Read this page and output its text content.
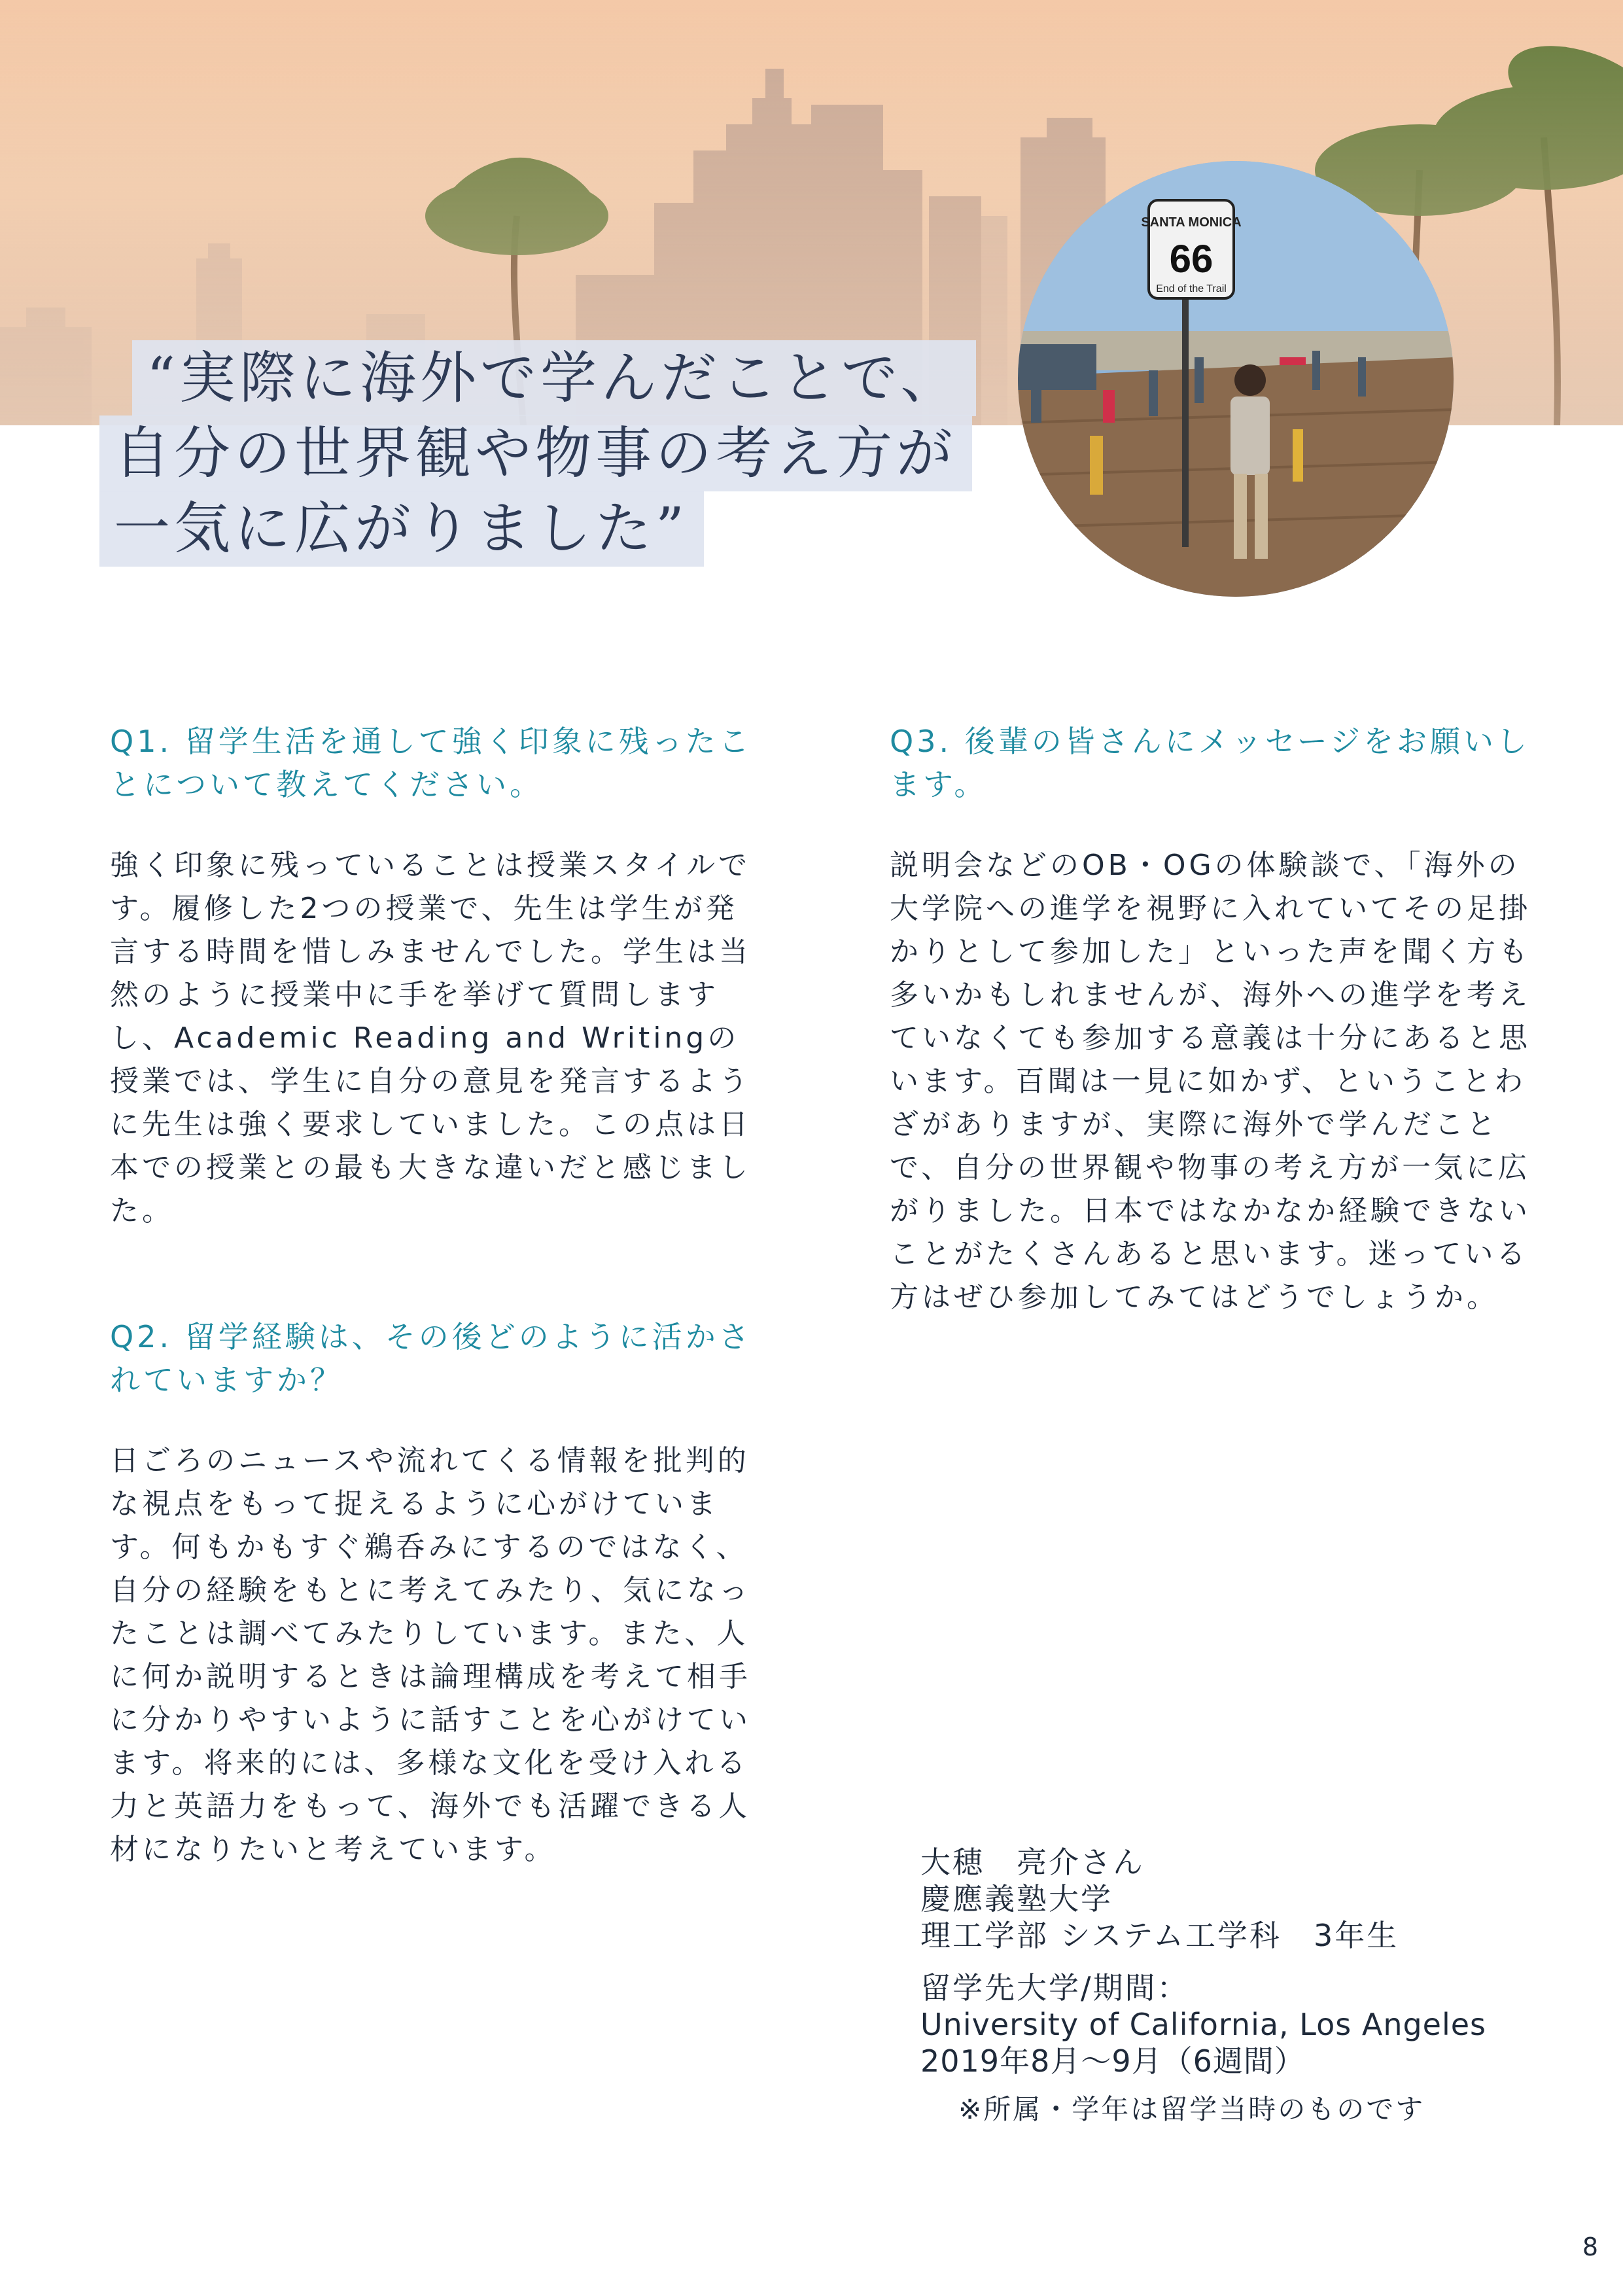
SANTA MONICA
66
End of the Trail
“実際に海外で学んだことで、
自分の世界観や物事の考え方が
一気に広がりました”
Q1. 留学生活を通して強く印象に残ったことについて教えてください。

強く印象に残っていることは授業スタイルです。履修した2つの授業で、先生は学生が発言する時間を惜しみませんでした。学生は当然のように授業中に手を挙げて質問しますし、Academic Reading and Writingの授業では、学生に自分の意見を発言するように先生は強く要求していました。この点は日本での授業との最も大きな違いだと感じました。

Q2. 留学経験は、その後どのように活かされていますか？

日ごろのニュースや流れてくる情報を批判的な視点をもって捉えるように心がけています。何もかもすぐ鵜呑みにするのではなく、自分の経験をもとに考えてみたり、気になったことは調べてみたりしています。また、人に何か説明するときは論理構成を考えて相手に分かりやすいように話すことを心がけています。将来的には、多様な文化を受け入れる力と英語力をもって、海外でも活躍できる人材になりたいと考えています。

Q3. 後輩の皆さんにメッセージをお願いします。

説明会などのOB・OGの体験談で、「海外の大学院への進学を視野に入れていてその足掛かりとして参加した」といった声を聞く方も多いかもしれませんが、海外への進学を考えていなくても参加する意義は十分にあると思います。百聞は一見に如かず、ということわざがありますが、実際に海外で学んだことで、自分の世界観や物事の考え方が一気に広がりました。日本ではなかなか経験できないことがたくさんあると思います。迷っている方はぜひ参加してみてはどうでしょうか。

大穂　亮介さん
慶應義塾大学
理工学部 システム工学科　3年生
留学先大学/期間：
University of California, Los Angeles
2019年8月〜9月（6週間）
※所属・学年は留学当時のものです
8
